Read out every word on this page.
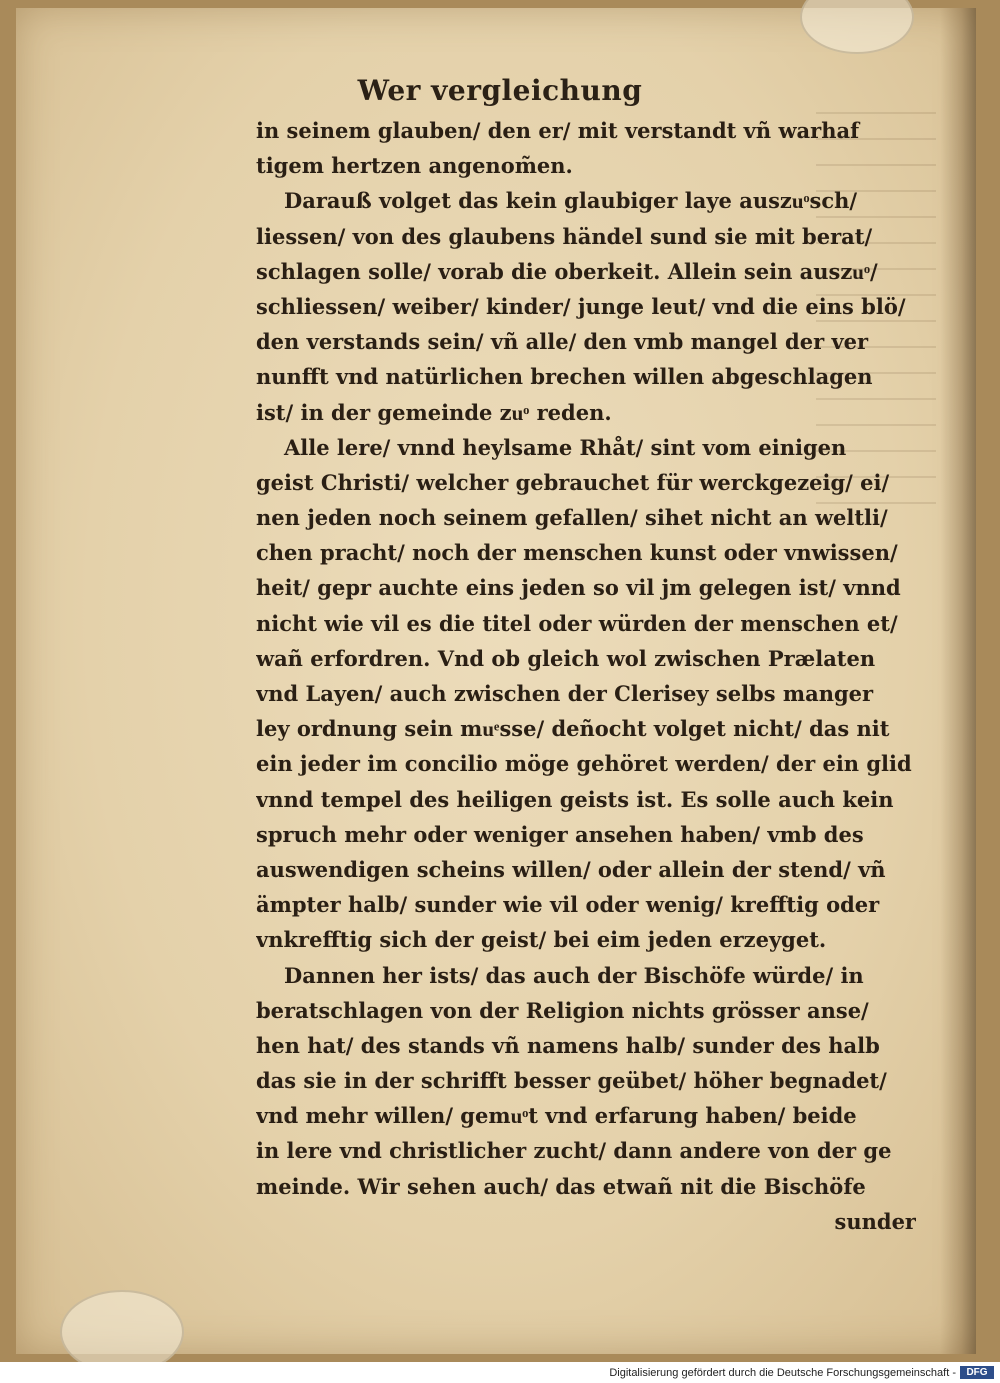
Wer vergleichung
in seinem glauben/ den er/ mit verstandt vñ warhaf
tigem hertzen angenom̃en.
Darauß volget das kein glaubiger laye auszuͦsch/
liessen/ von des glaubens händel sund sie mit berat/
schlagen solle/ vorab die oberkeit. Allein sein auszuͦ/
schliessen/ weiber/ kinder/ junge leut/ vnd die eins blö/
den verstands sein/ vñ alle/ den vmb mangel der ver
nunfft vnd natürlichen brechen willen abgeschlagen
ist/ in der gemeinde zuͦ reden.
Alle lere/ vnnd heylsame Rhåt/ sint vom einigen
geist Christi/ welcher gebrauchet für werckgezeig/ ei/
nen jeden noch seinem gefallen/ sihet nicht an weltli/
chen pracht/ noch der menschen kunst oder vnwissen/
heit/ gepr auchte eins jeden so vil jm gelegen ist/ vnnd
nicht wie vil es die titel oder würden der menschen et/
wañ erfordren. Vnd ob gleich wol zwischen Prælaten
vnd Layen/ auch zwischen der Clerisey selbs manger
ley ordnung sein muͤsse/ deñocht volget nicht/ das nit
ein jeder im concilio möge gehöret werden/ der ein glid
vnnd tempel des heiligen geists ist. Es solle auch kein
spruch mehr oder weniger ansehen haben/ vmb des
auswendigen scheins willen/ oder allein der stend/ vñ
ämpter halb/ sunder wie vil oder wenig/ krefftig oder
vnkrefftig sich der geist/ bei eim jeden erzeyget.
Dannen her ists/ das auch der Bischöfe würde/ in
beratschlagen von der Religion nichts grösser anse/
hen hat/ des stands vñ namens halb/ sunder des halb
das sie in der schrifft besser geübet/ höher begnadet/
vnd mehr willen/ gemuͦt vnd erfarung haben/ beide
in lere vnd christlicher zucht/ dann andere von der ge
meinde. Wir sehen auch/ das etwañ nit die Bischöfe
sunder
Digitalisierung gefördert durch die Deutsche Forschungsgemeinschaft -	DFG
